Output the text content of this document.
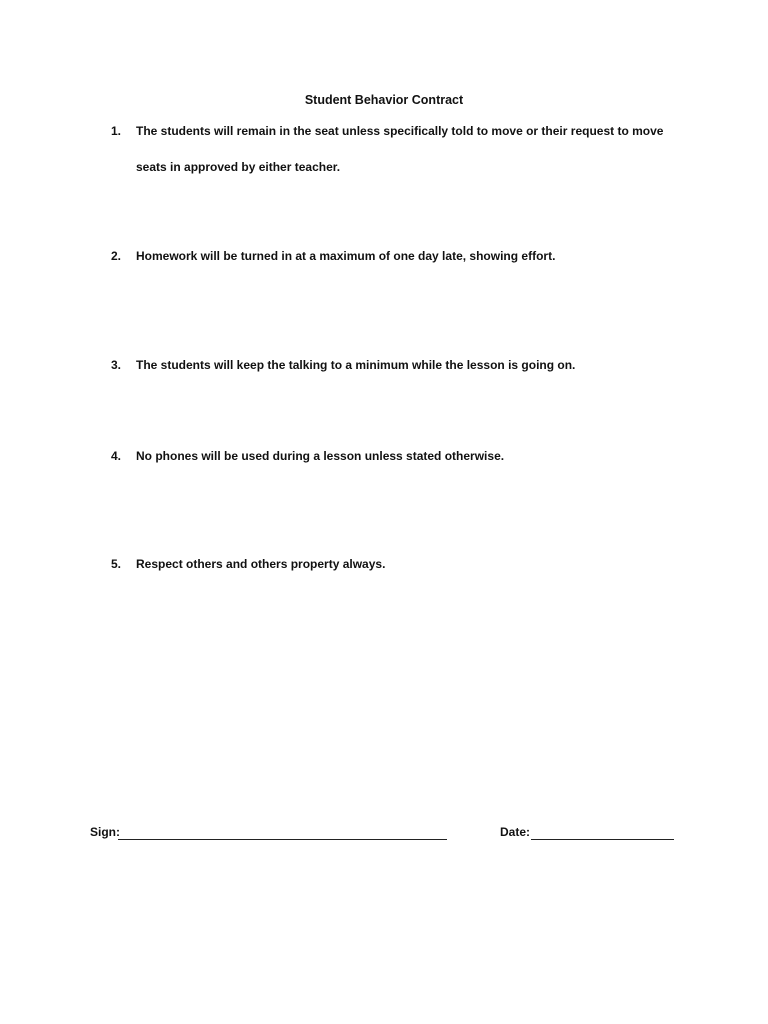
Student Behavior Contract
1.	The students will remain in the seat unless specifically told to move or their request to move seats in approved by either teacher.
2.	Homework will be turned in at a maximum of one day late, showing effort.
3.	The students will keep the talking to a minimum while the lesson is going on.
4.	No phones will be used during a lesson unless stated otherwise.
5.	Respect others and others property always.
Sign:	Date:
